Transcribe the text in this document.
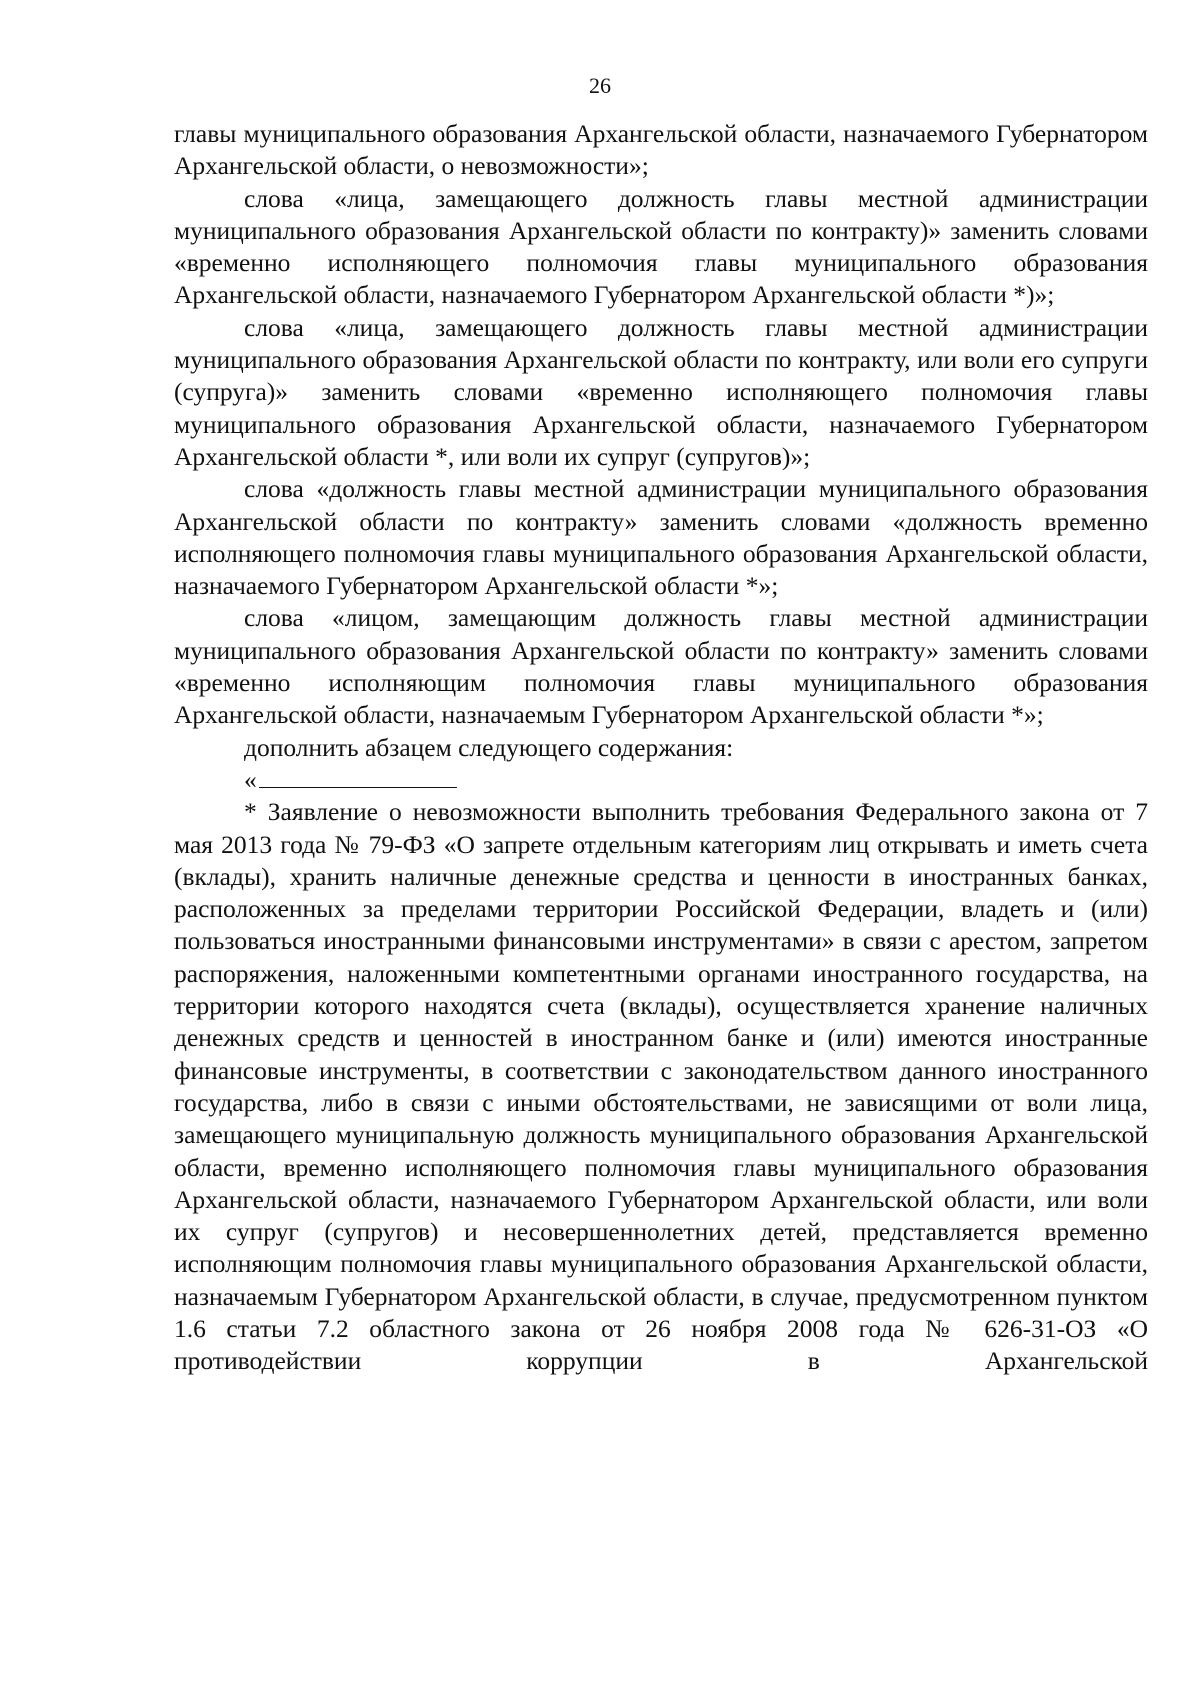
26

главы муниципального образования Архангельской области, назначаемого Губернатором Архангельской области, о невозможности»;

слова «лица, замещающего должность главы местной администрации муниципального образования Архангельской области по контракту)» заменить словами «временно исполняющего полномочия главы муниципального образования Архангельской области, назначаемого Губернатором Архангельской области *)»;

слова «лица, замещающего должность главы местной администрации муниципального образования Архангельской области по контракту, или воли его супруги (супруга)» заменить словами «временно исполняющего полномочия главы муниципального образования Архангельской области, назначаемого Губернатором Архангельской области *, или воли их супруг (супругов)»;

слова «должность главы местной администрации муниципального образования Архангельской области по контракту» заменить словами «должность временно исполняющего полномочия главы муниципального образования Архангельской области, назначаемого Губернатором Архангельской области *»;

слова «лицом, замещающим должность главы местной администрации муниципального образования Архангельской области по контракту» заменить словами «временно исполняющим полномочия главы муниципального образования Архангельской области, назначаемым Губернатором Архангельской области *»;

дополнить абзацем следующего содержания:

«

* Заявление о невозможности выполнить требования Федерального закона от 7 мая 2013 года № 79-ФЗ «О запрете отдельным категориям лиц открывать и иметь счета (вклады), хранить наличные денежные средства и ценности в иностранных банках, расположенных за пределами территории Российской Федерации, владеть и (или) пользоваться иностранными финансовыми инструментами» в связи с арестом, запретом распоряжения, наложенными компетентными органами иностранного государства, на территории которого находятся счета (вклады), осуществляется хранение наличных денежных средств и ценностей в иностранном банке и (или) имеются иностранные финансовые инструменты, в соответствии с законодательством данного иностранного государства, либо в связи с иными обстоятельствами, не зависящими от воли лица, замещающего муниципальную должность муниципального образования Архангельской области, временно исполняющего полномочия главы муниципального образования Архангельской области, назначаемого Губернатором Архангельской области, или воли их супруг (супругов) и несовершеннолетних детей, представляется временно исполняющим полномочия главы муниципального образования Архангельской области, назначаемым Губернатором Архангельской области, в случае, предусмотренном пунктом 1.6 статьи 7.2 областного закона от 26 ноября 2008 года № 626-31-ОЗ «О противодействии коррупции в Архангельской
